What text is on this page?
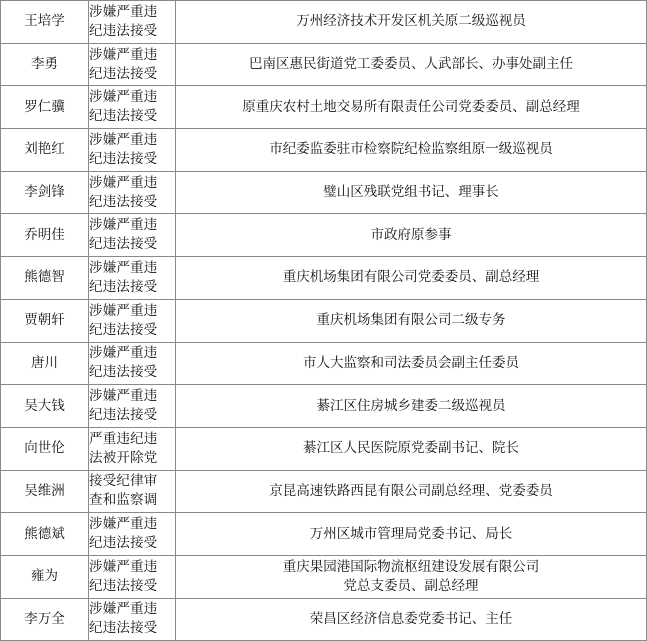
王培学	涉嫌严重违纪违法接受	万州经济技术开发区机关原二级巡视员
李勇	涉嫌严重违纪违法接受	巴南区惠民街道党工委委员、人武部长、办事处副主任
罗仁骥	涉嫌严重违纪违法接受	原重庆农村土地交易所有限责任公司党委委员、副总经理
刘艳红	涉嫌严重违纪违法接受	市纪委监委驻市检察院纪检监察组原一级巡视员
李剑锋	涉嫌严重违纪违法接受	璧山区残联党组书记、理事长
乔明佳	涉嫌严重违纪违法接受	市政府原参事
熊德智	涉嫌严重违纪违法接受	重庆机场集团有限公司党委委员、副总经理
贾朝轩	涉嫌严重违纪违法接受	重庆机场集团有限公司二级专务
唐川	涉嫌严重违纪违法接受	市人大监察和司法委员会副主任委员
吴大钱	涉嫌严重违纪违法接受	綦江区住房城乡建委二级巡视员
向世伦	严重违纪违法被开除党	綦江区人民医院原党委副书记、院长
吴维洲	接受纪律审查和监察调	京昆高速铁路西昆有限公司副总经理、党委委员
熊德斌	涉嫌严重违纪违法接受	万州区城市管理局党委书记、局长
雍为	涉嫌严重违纪违法接受	重庆果园港国际物流枢纽建设发展有限公司
党总支委员、副总经理
李万全	涉嫌严重违纪违法接受	荣昌区经济信息委党委书记、主任
